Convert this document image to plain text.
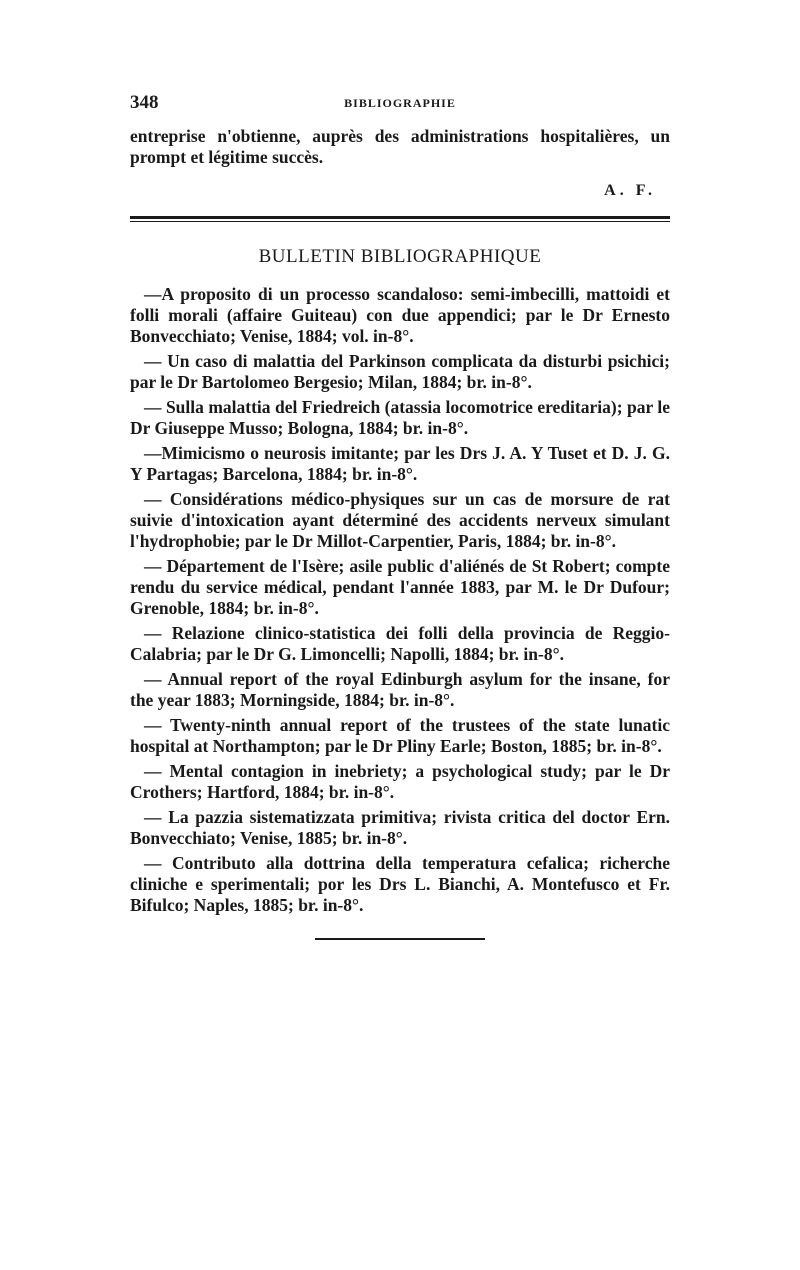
348	BIBLIOGRAPHIE

entreprise n'obtienne, auprès des administrations hospitalières, un prompt et légitime succès.

A. F.
BULLETIN BIBLIOGRAPHIQUE

—A proposito di un processo scandaloso: semi-imbecilli, mattoidi et folli morali (affaire Guiteau) con due appendici; par le Dr Ernesto Bonvecchiato; Venise, 1884; vol. in-8°.

— Un caso di malattia del Parkinson complicata da disturbi psichici; par le Dr Bartolomeo Bergesio; Milan, 1884; br. in-8°.

— Sulla malattia del Friedreich (atassia locomotrice ereditaria); par le Dr Giuseppe Musso; Bologna, 1884; br. in-8°.

—Mimicismo o neurosis imitante; par les Drs J. A. Y Tuset et D. J. G. Y Partagas; Barcelona, 1884; br. in-8°.

— Considérations médico-physiques sur un cas de morsure de rat suivie d'intoxication ayant déterminé des accidents nerveux simulant l'hydrophobie; par le Dr Millot-Carpentier, Paris, 1884; br. in-8°.

— Département de l'Isère; asile public d'aliénés de St Robert; compte rendu du service médical, pendant l'année 1883, par M. le Dr Dufour; Grenoble, 1884; br. in-8°.

— Relazione clinico-statistica dei folli della provincia de Reggio-Calabria; par le Dr G. Limoncelli; Napolli, 1884; br. in-8°.

— Annual report of the royal Edinburgh asylum for the insane, for the year 1883; Morningside, 1884; br. in-8°.

— Twenty-ninth annual report of the trustees of the state lunatic hospital at Northampton; par le Dr Pliny Earle; Boston, 1885; br. in-8°.

— Mental contagion in inebriety; a psychological study; par le Dr Crothers; Hartford, 1884; br. in-8°.

— La pazzia sistematizzata primitiva; rivista critica del doctor Ern. Bonvecchiato; Venise, 1885; br. in-8°.

— Contributo alla dottrina della temperatura cefalica; richerche cliniche e sperimentali; por les Drs L. Bianchi, A. Montefusco et Fr. Bifulco; Naples, 1885; br. in-8°.
